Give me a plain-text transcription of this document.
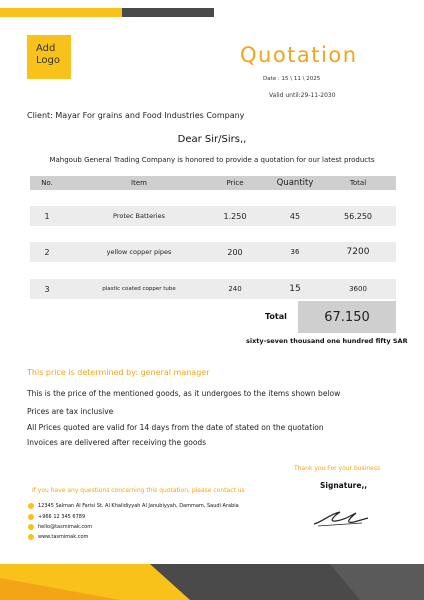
Add
Logo	Quotation
Date : 15 \ 11 \ 2025
Valid until:29-11-2030
Client: Mayar For grains and Food Industries Company
Dear Sir/Sirs,,
Mahgoub General Trading Company is honored to provide a quotation for our latest products
No.	Item	Price	Quantity	Total
1	Protec Batteries	1.250	45	56.250
2	yellow copper pipes	200	36	7200
3	plastic coated copper tube	240	15	3600
Total	67.150
sixty-seven thousand one hundred fifty SAR
This price is determined by: general manager
This is the price of the mentioned goods, as it undergoes to the items shown below
Prices are tax inclusive
All Prices quoted are valid for 14 days from the date of stated on the quotation
Invoices are delivered after receiving the goods
Thank you For your business
Signature,,
If you have any questions concerning this quotation, please contact us
12345 Salman Al Farisi St, Al Khalidiyyah Al Janubiyyah, Dammam, Saudi Arabia
+966 12 345 6789
hello@tasmimak.com
www.tasmimak.com
